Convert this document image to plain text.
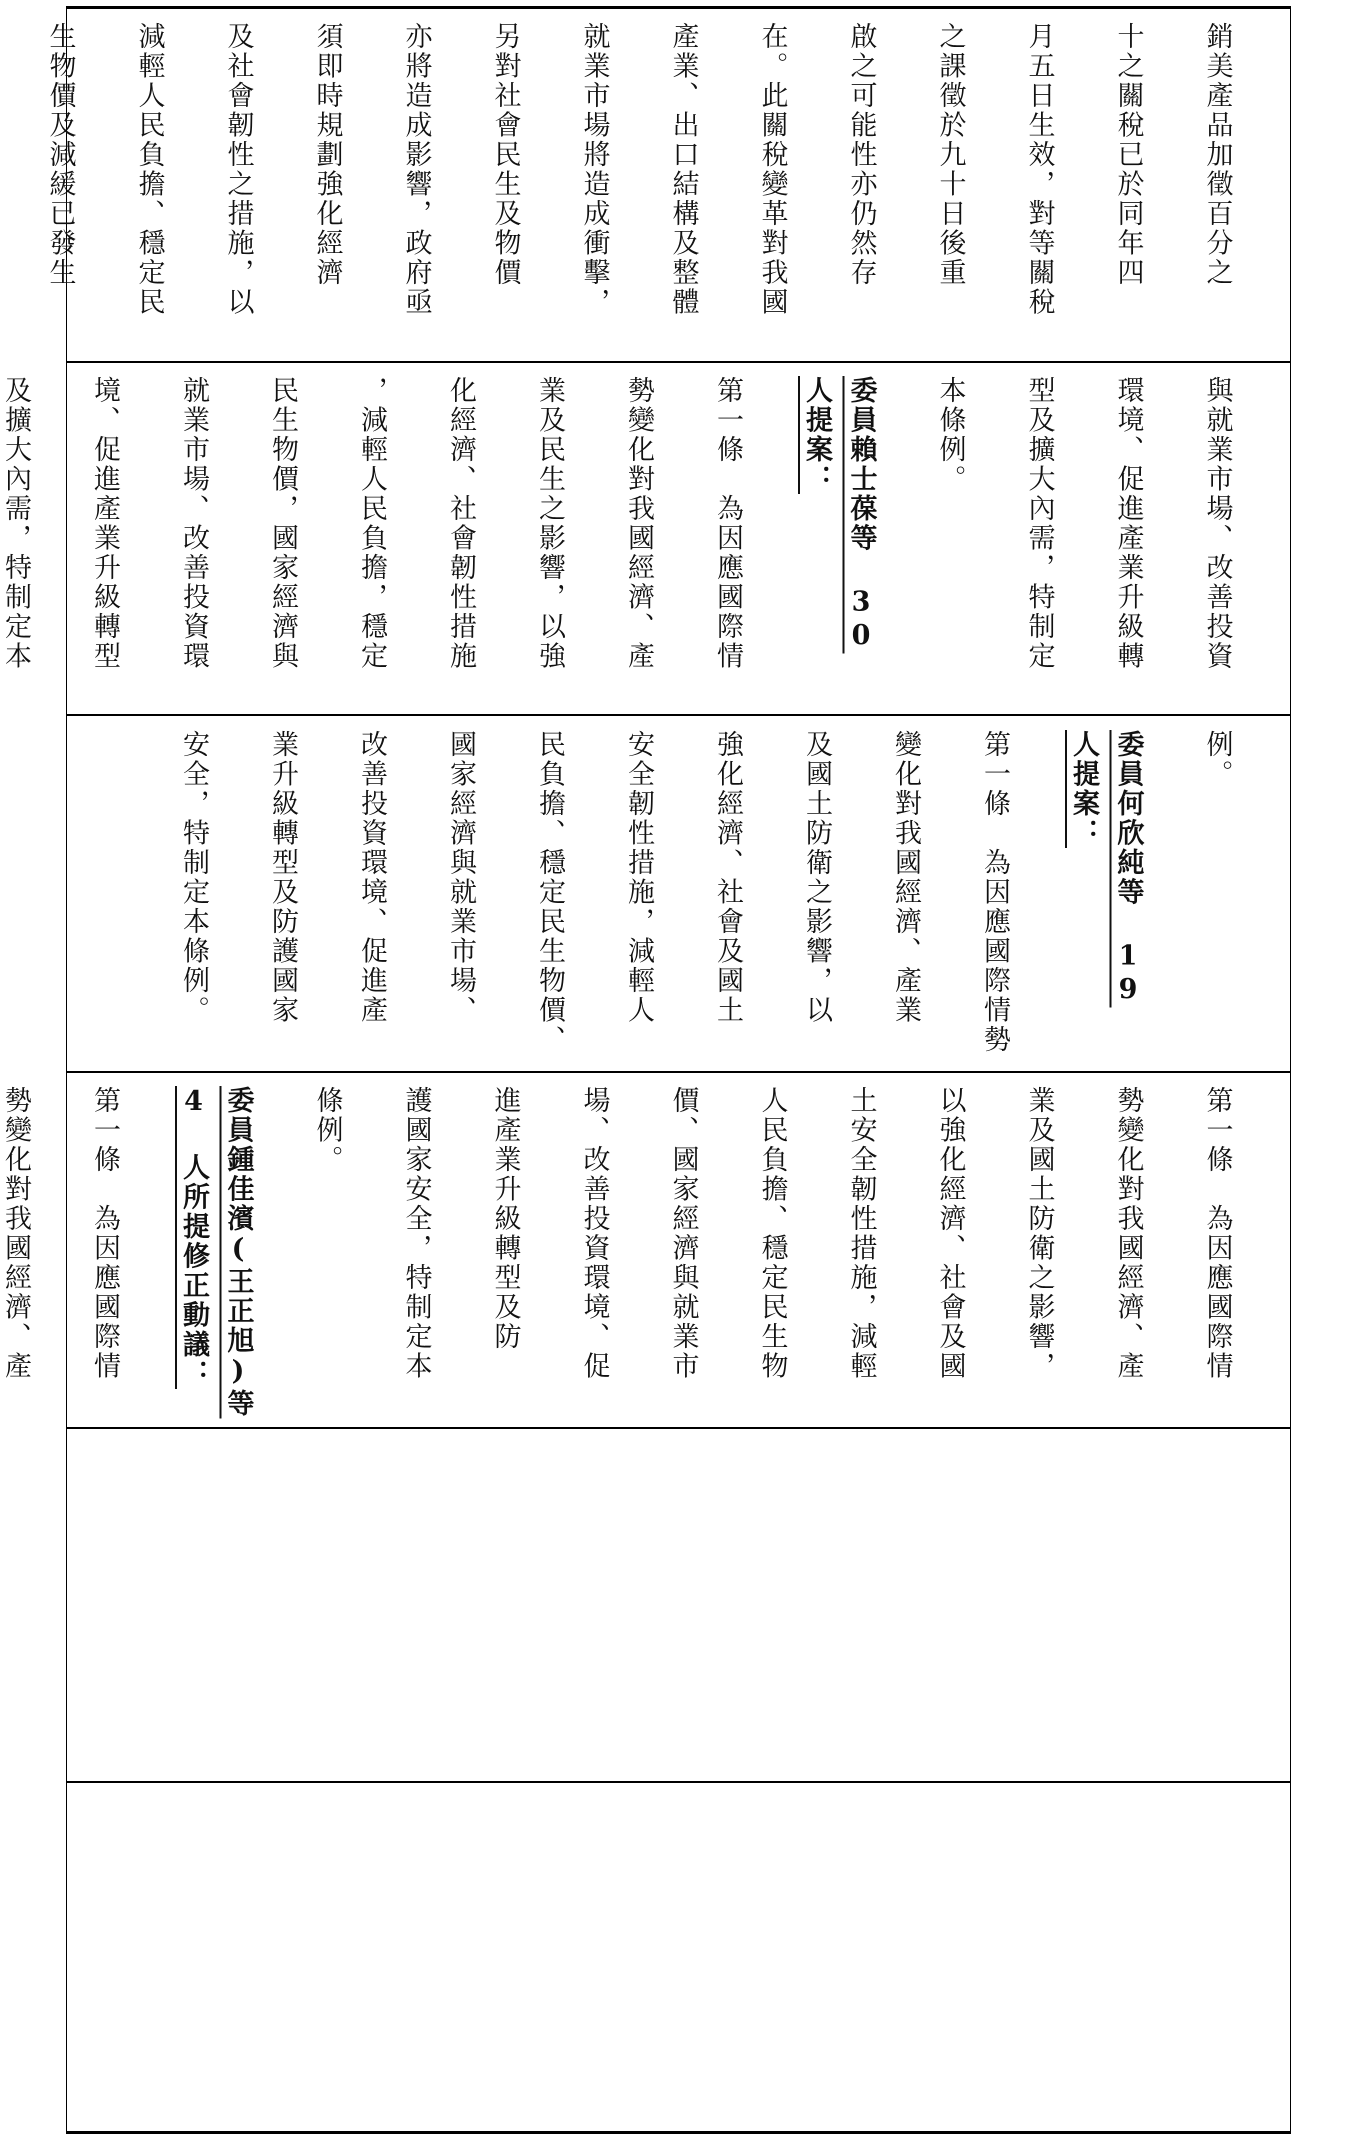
銷美產品加徵百分之

十之關稅已於同年四

月五日生效，對等關稅

之課徵於九十日後重

啟之可能性亦仍然存

在。此關稅變革對我國

產業、出口結構及整體

就業市場將造成衝擊，

另對社會民生及物價

亦將造成影響，政府亟

須即時規劃強化經濟

及社會韌性之措施，以

減輕人民負擔、穩定民

生物價及減緩已發生

與就業市場、改善投資

環境、促進產業升級轉

型及擴大內需，特制定

本條例。

委員賴士葆等 30 人提案：

第一條　為因應國際情

勢變化對我國經濟、產

業及民生之影響，以強

化經濟、社會韌性措施

，減輕人民負擔，穩定

民生物價，國家經濟與

就業市場、改善投資環

境、促進產業升級轉型

及擴大內需，特制定本

例。

委員何欣純等 19 人提案：

第一條　為因應國際情勢

變化對我國經濟、產業

及國土防衛之影響，以

強化經濟、社會及國土

安全韌性措施，減輕人

民負擔、穩定民生物價、

國家經濟與就業市場、

改善投資環境、促進產

業升級轉型及防護國家

安全，特制定本條例。

第一條　為因應國際情

勢變化對我國經濟、產

業及國土防衛之影響，

以強化經濟、社會及國

土安全韌性措施，減輕

人民負擔、穩定民生物

價、國家經濟與就業市

場、改善投資環境、促

進產業升級轉型及防

護國家安全，特制定本

條例。

委員鍾佳濱(王正旭)等 4 人所提修正動議：

第一條　為因應國際情

勢變化對我國經濟、產
